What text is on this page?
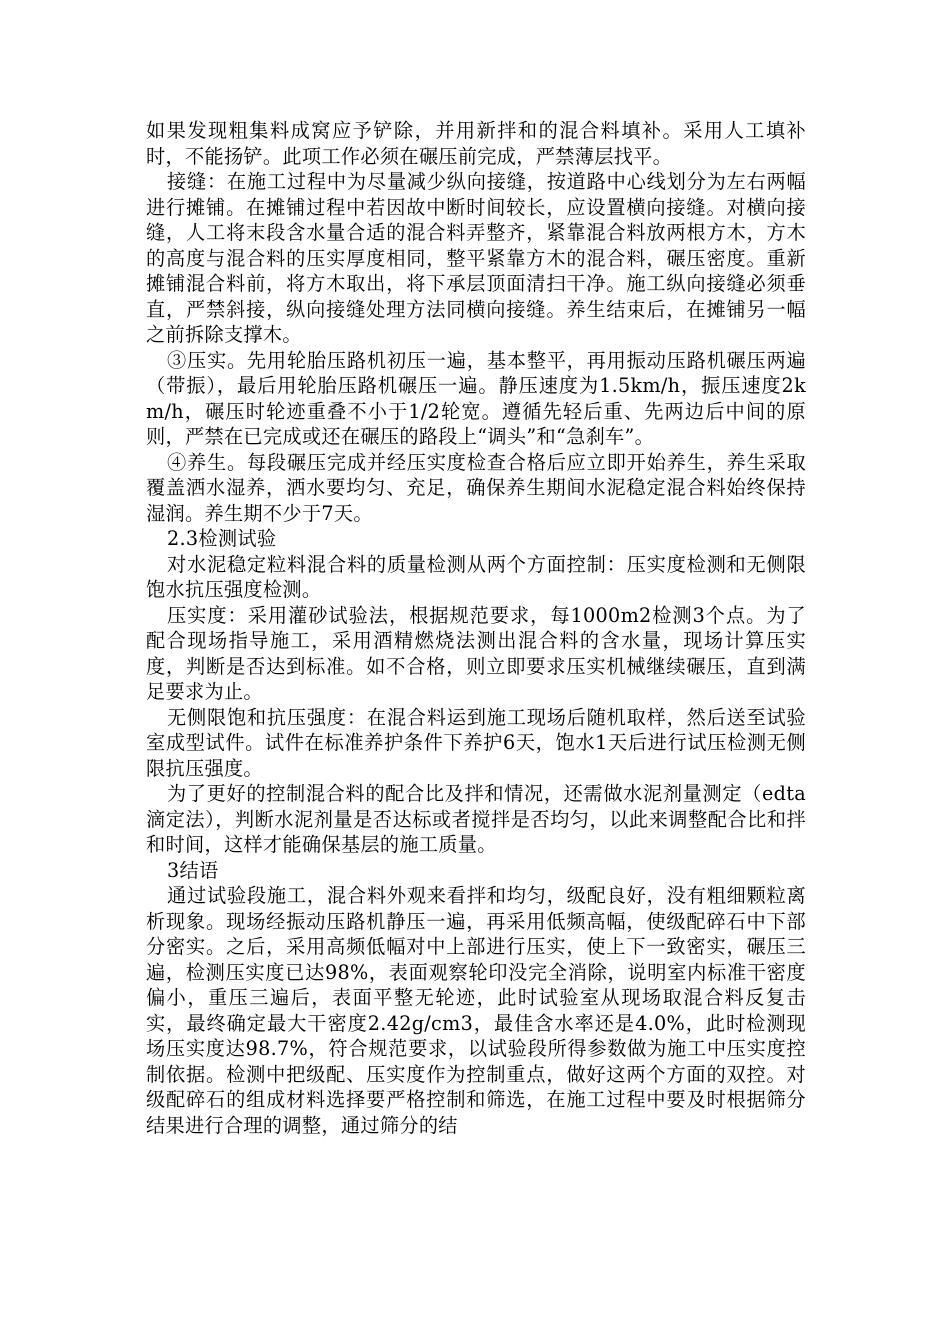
如果发现粗集料成窝应予铲除，并用新拌和的混合料填补。采用人工填补时，不能扬铲。此项工作必须在碾压前完成，严禁薄层找平。

接缝：在施工过程中为尽量减少纵向接缝，按道路中心线划分为左右两幅进行摊铺。在摊铺过程中若因故中断时间较长，应设置横向接缝。对横向接缝，人工将末段含水量合适的混合料弄整齐，紧靠混合料放两根方木，方木的高度与混合料的压实厚度相同，整平紧靠方木的混合料，碾压密度。重新摊铺混合料前，将方木取出，将下承层顶面清扫干净。施工纵向接缝必须垂直，严禁斜接，纵向接缝处理方法同横向接缝。养生结束后，在摊铺另一幅之前拆除支撑木。

③压实。先用轮胎压路机初压一遍，基本整平，再用振动压路机碾压两遍（带振），最后用轮胎压路机碾压一遍。静压速度为1.5km/h，振压速度2km/h，碾压时轮迹重叠不小于1/2轮宽。遵循先轻后重、先两边后中间的原则，严禁在已完成或还在碾压的路段上“调头”和“急刹车”。

④养生。每段碾压完成并经压实度检查合格后应立即开始养生，养生采取覆盖洒水湿养，洒水要均匀、充足，确保养生期间水泥稳定混合料始终保持湿润。养生期不少于7天。

2.3检测试验

对水泥稳定粒料混合料的质量检测从两个方面控制：压实度检测和无侧限饱水抗压强度检测。

压实度：采用灌砂试验法，根据规范要求，每1000m2检测3个点。为了配合现场指导施工，采用酒精燃烧法测出混合料的含水量，现场计算压实度，判断是否达到标准。如不合格，则立即要求压实机械继续碾压，直到满足要求为止。

无侧限饱和抗压强度：在混合料运到施工现场后随机取样，然后送至试验室成型试件。试件在标准养护条件下养护6天，饱水1天后进行试压检测无侧限抗压强度。

为了更好的控制混合料的配合比及拌和情况，还需做水泥剂量测定（edta滴定法），判断水泥剂量是否达标或者搅拌是否均匀，以此来调整配合比和拌和时间，这样才能确保基层的施工质量。

3结语

通过试验段施工，混合料外观来看拌和均匀，级配良好，没有粗细颗粒离析现象。现场经振动压路机静压一遍，再采用低频高幅，使级配碎石中下部分密实。之后，采用高频低幅对中上部进行压实，使上下一致密实，碾压三遍，检测压实度已达98%，表面观察轮印没完全消除，说明室内标准干密度偏小，重压三遍后，表面平整无轮迹，此时试验室从现场取混合料反复击实，最终确定最大干密度2.42g/cm3，最佳含水率还是4.0%，此时检测现场压实度达98.7%，符合规范要求，以试验段所得参数做为施工中压实度控制依据。检测中把级配、压实度作为控制重点，做好这两个方面的双控。对级配碎石的组成材料选择要严格控制和筛选，在施工过程中要及时根据筛分结果进行合理的调整，通过筛分的结
